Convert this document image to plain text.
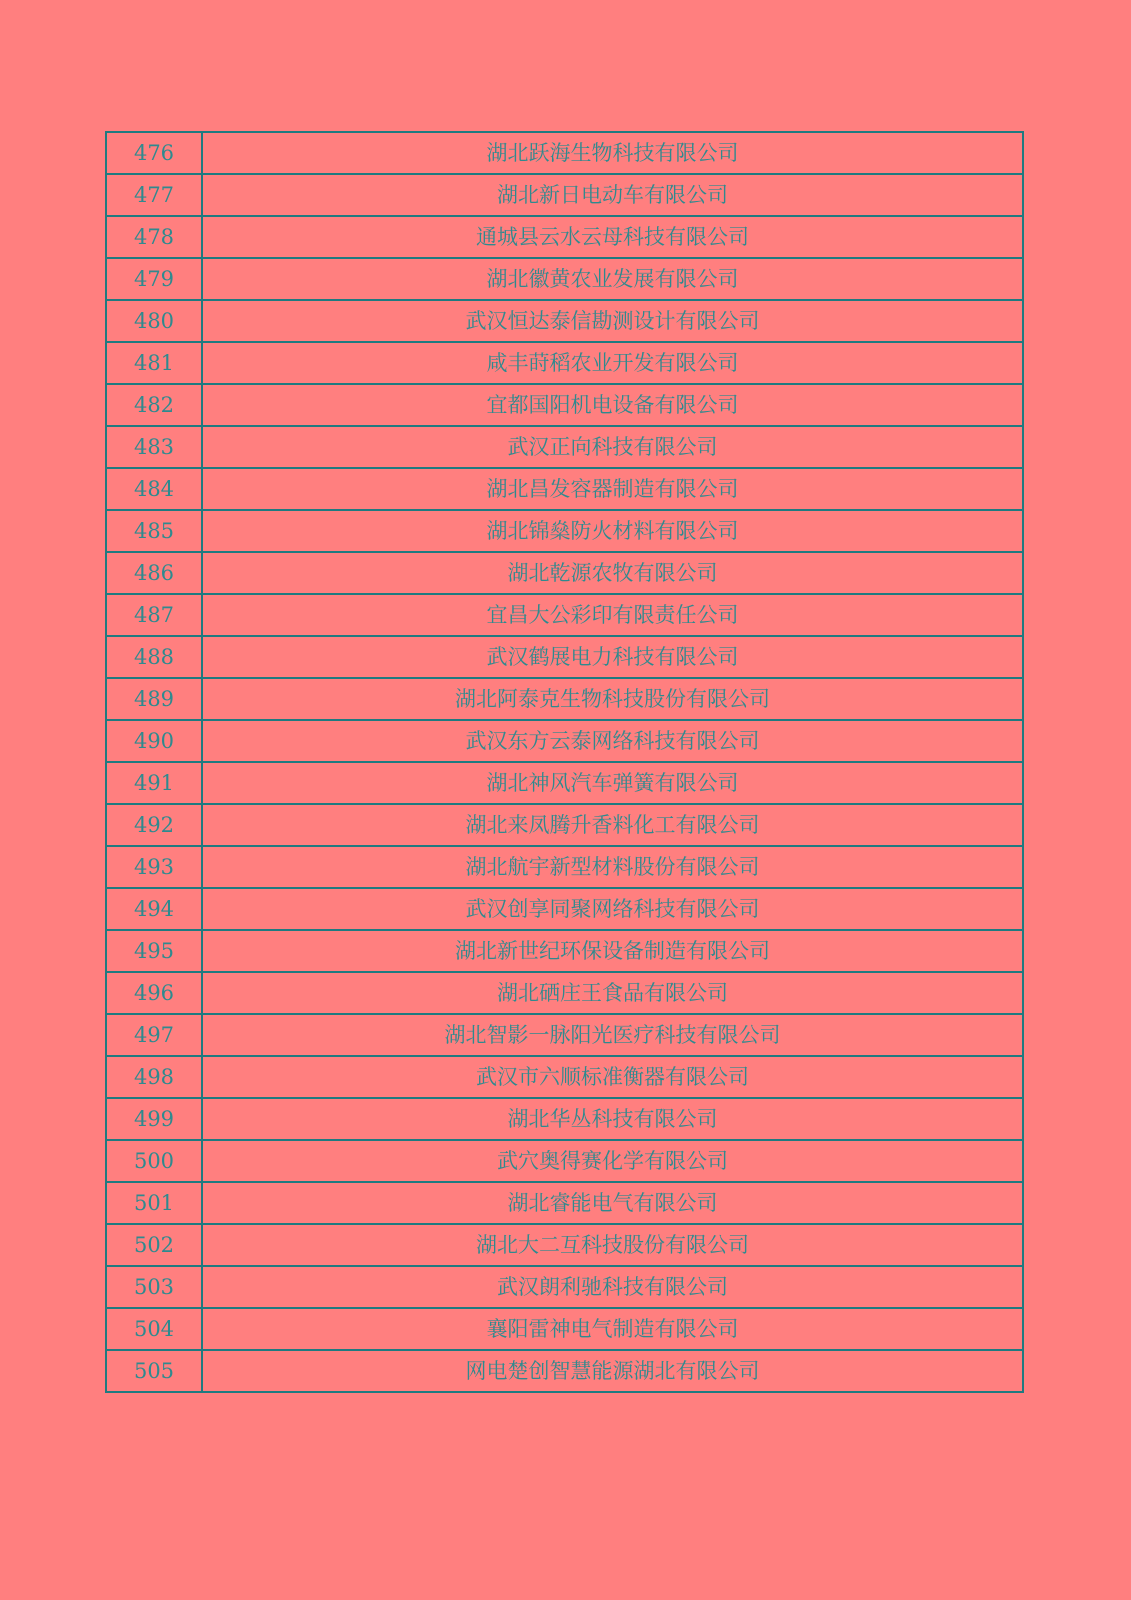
476	湖北跃海生物科技有限公司
477	湖北新日电动车有限公司
478	通城县云水云母科技有限公司
479	湖北徽黄农业发展有限公司
480	武汉恒达泰信勘测设计有限公司
481	咸丰莳稻农业开发有限公司
482	宜都国阳机电设备有限公司
483	武汉正向科技有限公司
484	湖北昌发容器制造有限公司
485	湖北锦燊防火材料有限公司
486	湖北乾源农牧有限公司
487	宜昌大公彩印有限责任公司
488	武汉鹤展电力科技有限公司
489	湖北阿泰克生物科技股份有限公司
490	武汉东方云泰网络科技有限公司
491	湖北神风汽车弹簧有限公司
492	湖北来凤腾升香料化工有限公司
493	湖北航宇新型材料股份有限公司
494	武汉创享同聚网络科技有限公司
495	湖北新世纪环保设备制造有限公司
496	湖北硒庄王食品有限公司
497	湖北智影一脉阳光医疗科技有限公司
498	武汉市六顺标准衡器有限公司
499	湖北华丛科技有限公司
500	武穴奥得赛化学有限公司
501	湖北睿能电气有限公司
502	湖北大二互科技股份有限公司
503	武汉朗利驰科技有限公司
504	襄阳雷神电气制造有限公司
505	网电楚创智慧能源湖北有限公司
